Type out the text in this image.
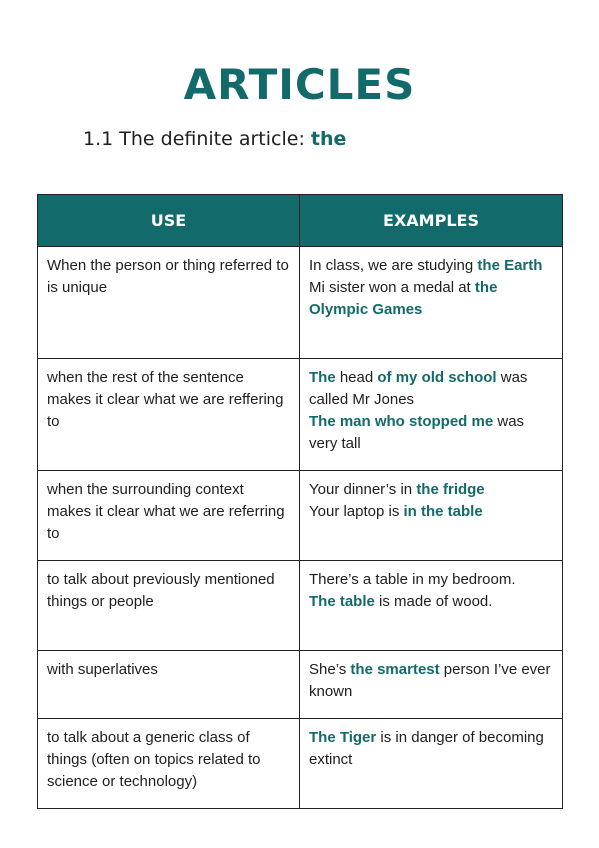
ARTICLES

1.1 The definite article: the

USE	EXAMPLES
When the person or thing referred to is unique	In class, we are studying the Earth
Mi sister won a medal at the Olympic Games

when the rest of the sentence makes it clear what we are reffering to	The head of my old school was called Mr Jones
The man who stopped me was very tall

when the surrounding context makes it clear what we are referring to	Your dinner’s in the fridge
Your laptop is in the table

to talk about previously mentioned things or people	There’s a table in my bedroom.
The table is made of wood.

with superlatives	She’s the smartest person I’ve ever known

to talk about a generic class of things (often on topics related to science or technology)	The Tiger is in danger of becoming extinct
